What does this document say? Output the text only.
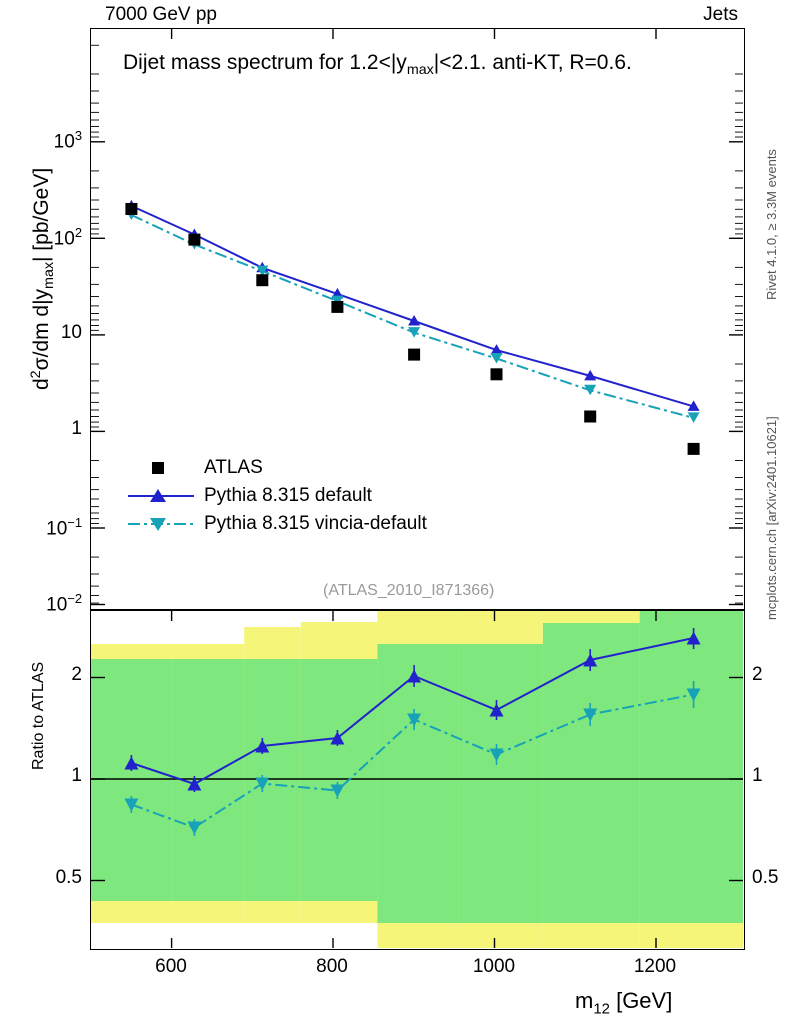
7000 GeV pp	Jets
Rivet 4.1.0, ≥ 3.3M events
mcplots.cern.ch [arXiv:2401.10621]
$d^2\sigma/dm$ $d|y_{max}|$ [pb/GeV]
Dijet mass spectrum for $1.2<|y_{max}|<2.1$. anti-KT, R=0.6.
ATLAS
Pythia 8.315 default
Pythia 8.315 vincia-default
(ATLAS_2010_I871366)
$10^3$
$10^2$
10
1
$10^{-1}$
$10^{-2}$
1
2
0.5
1
2
0.5
Ratio to ATLAS
600	800	1000	1200
$m_{12}$ [GeV]
